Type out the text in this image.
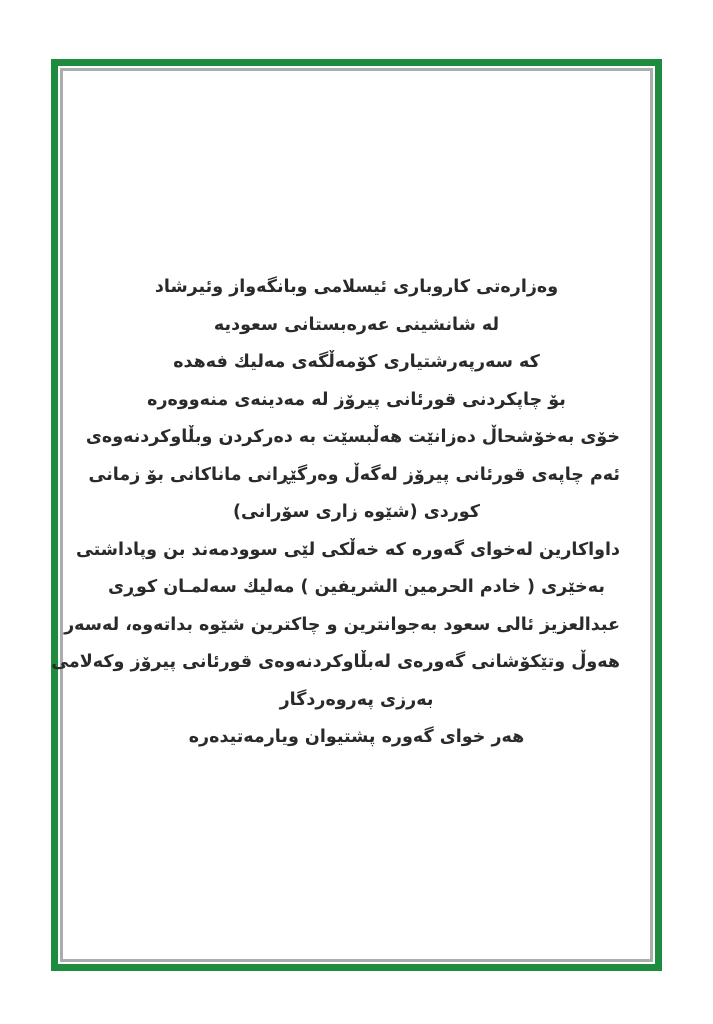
وەزارەتی کاروباری ئیسلامی وبانگەواز وئیرشاد
لە شانشینی عەرەبستانی سعودیە
کە سەرپەرشتیاری کۆمەڵگەی مەلیك فەهدە
بۆ چاپکردنی قورئانی پیرۆز لە مەدینەی منەووەرە
خۆی بەخۆشحاڵ دەزانێت هەڵبسێت بە دەرکردن وبڵاوکردنەوەی
ئەم چاپەی قورئانی پیرۆز لەگەڵ وەرگێڕانی ماناکانی بۆ زمانی
کوردی (شێوە زاری سۆرانی)
داواکارین لەخوای گەورە کە خەڵکی لێی سوودمەند بن وپاداشتی
بەخێری ( خادم الحرمین الشریفین ) مەلیك سەلمـان کوڕی
عبدالعزیز ئالی سعود بەجوانترین و چاکترین شێوە بداتەوە، لەسەر
هەوڵ وتێکۆشانی گەورەی لەبڵاوکردنەوەی قورئانی پیرۆز وکەلامی
بەرزی پەروەردگار
هەر خوای گەورە پشتیوان ویارمەتیدەرە
